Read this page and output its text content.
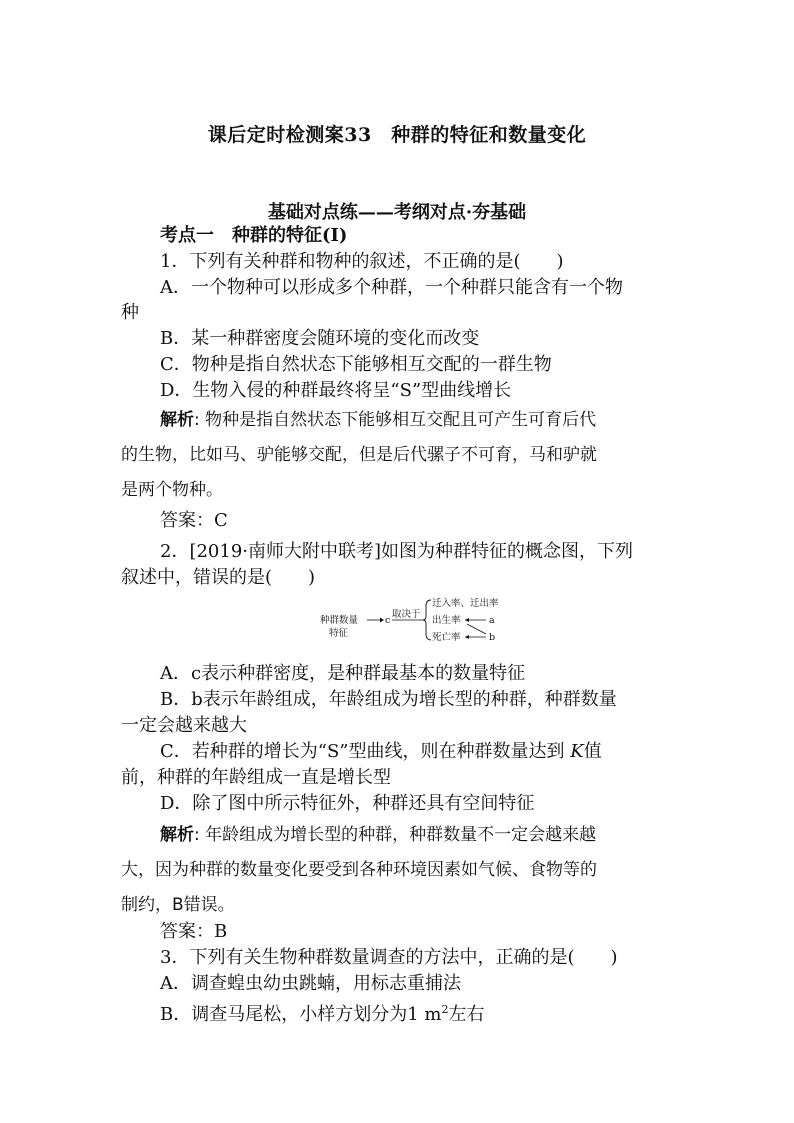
课后定时检测案33　种群的特征和数量变化
基础对点练——考纲对点·夯基础
考点一　种群的特征(Ⅰ)
1．下列有关种群和物种的叙述，不正确的是(　　)
A．一个物种可以形成多个种群，一个种群只能含有一个物
种
B．某一种群密度会随环境的变化而改变
C．物种是指自然状态下能够相互交配的一群生物
D．生物入侵的种群最终将呈“S”型曲线增长
解析: 物种是指自然状态下能够相互交配且可产生可育后代
的生物，比如马、驴能够交配，但是后代骡子不可育，马和驴就
是两个物种。
答案：C
2．[2019·南师大附中联考]如图为种群特征的概念图，下列
叙述中，错误的是(　　)
种群数量
特征
c
取决于
迁入率、迁出率
出生率
死亡率
a
b
A．c表示种群密度，是种群最基本的数量特征
B．b表示年龄组成，年龄组成为增长型的种群，种群数量
一定会越来越大
C．若种群的增长为“S”型曲线，则在种群数量达到 K值
前，种群的年龄组成一直是增长型
D．除了图中所示特征外，种群还具有空间特征
解析: 年龄组成为增长型的种群，种群数量不一定会越来越
大，因为种群的数量变化要受到各种环境因素如气候、食物等的
制约，B错误。
答案：B
3．下列有关生物种群数量调查的方法中，正确的是(　　)
A．调查蝗虫幼虫跳蝻，用标志重捕法
B．调查马尾松，小样方划分为1 $m^2$左右
